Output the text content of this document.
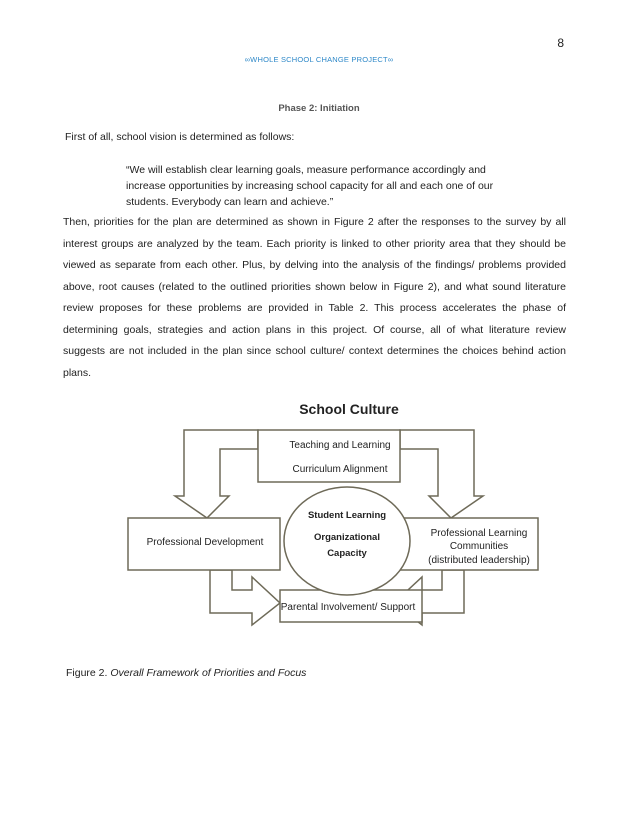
8
∞WHOLE SCHOOL CHANGE PROJECT∞
Phase 2: Initiation
First of all, school vision is determined as follows:
“We will establish clear learning goals, measure performance accordingly and increase opportunities by increasing school capacity for all and each one of our students. Everybody can learn and achieve.”
Then, priorities for the plan are determined as shown in Figure 2 after the responses to the survey by all interest groups are analyzed by the team. Each priority is linked to other priority area that they should be viewed as separate from each other. Plus, by delving into the analysis of the findings/ problems provided above, root causes (related to the outlined priorities shown below in Figure 2), and what sound literature review proposes for these problems are provided in Table 2. This process accelerates the phase of determining goals, strategies and action plans in this project. Of course, all of what literature review suggests are not included in the plan since school culture/ context determines the choices behind action plans.
School Culture
Teaching and Learning
Curriculum Alignment
Professional Development
Professional Learning
Communities
(distributed leadership)
Parental Involvement/ Support
Student Learning
Organizational
Capacity
Figure 2. Overall Framework of Priorities and Focus
